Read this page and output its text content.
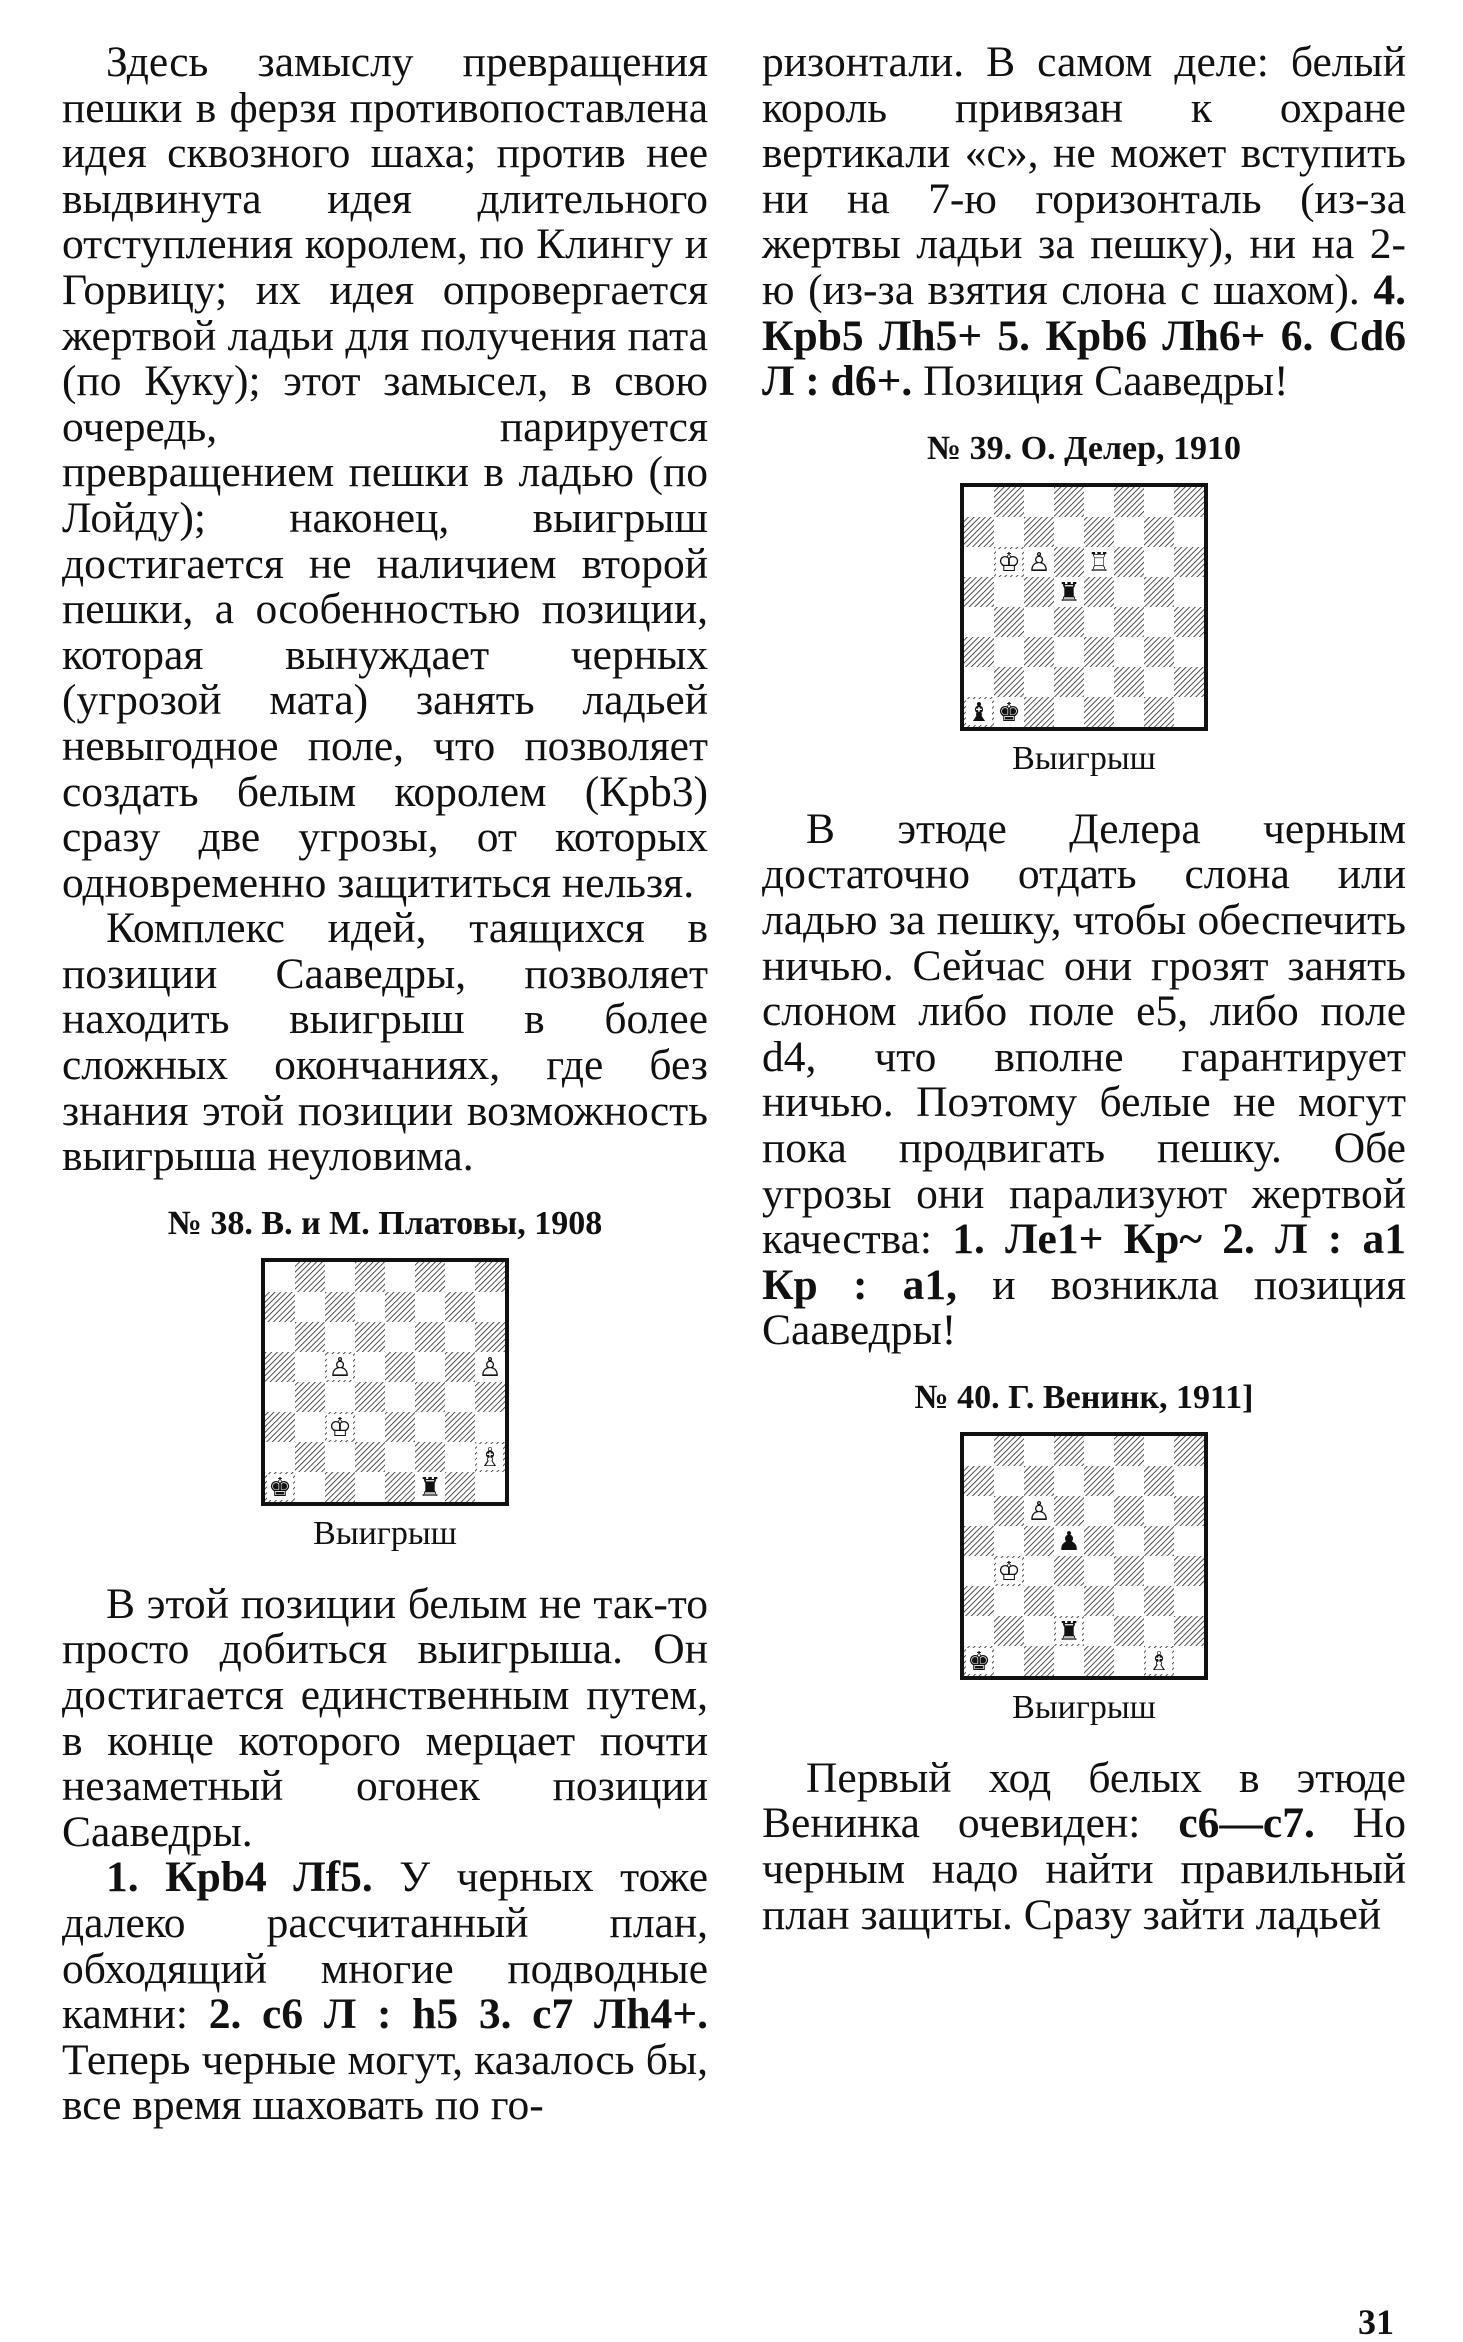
Здесь замыслу превращения пешки в ферзя противопоставлена идея сквозного шаха; против нее выдвинута идея длительного отступления королем, по Клингу и Горвицу; их идея опровергается жертвой ладьи для получения пата (по Куку); этот замысел, в свою очередь, парируется превращением пешки в ладью (по Лойду); наконец, выигрыш достигается не наличием второй пешки, а особенностью позиции, которая вынуждает черных (угрозой мата) занять ладьей невыгодное поле, что позволяет создать белым королем (Крb3) сразу две угрозы, от которых одновременно защититься нельзя.

Комплекс идей, таящихся в позиции Сааведры, позволяет находить выигрыш в более сложных окончаниях, где без знания этой позиции возможность выигрыша неуловима.

№ 38. В. и М. Платовы, 1908
♙	♙
♔
♗
♚	♜
Выигрыш

В этой позиции белым не так-то просто добиться выигрыша. Он достигается единственным путем, в конце которого мерцает почти незаметный огонек позиции Сааведры.

1. Крb4 Лf5. У черных тоже далеко рассчитанный план, обходящий многие подводные камни: 2. с6 Л : h5 3. с7 Лh4+. Теперь черные могут, казалось бы, все время шаховать по го-

ризонтали. В самом деле: белый король привязан к охране вертикали «с», не может вступить ни на 7-ю горизонталь (из-за жертвы ладьи за пешку), ни на 2-ю (из-за взятия слона с шахом). 4. Крb5 Лh5+ 5. Крb6 Лh6+ 6. Сd6 Л : d6+. Позиция Сааведры!

№ 39. О. Делер, 1910
♔ ♙ ♖
♜
♝ ♚
Выигрыш

В этюде Делера черным достаточно отдать слона или ладью за пешку, чтобы обеспечить ничью. Сейчас они грозят занять слоном либо поле е5, либо поле d4, что вполне гарантирует ничью. Поэтому белые не могут пока продвигать пешку. Обе угрозы они парализуют жертвой качества: 1. Лe1+ Кр~ 2. Л : a1 Кр : a1, и возникла позиция Сааведры!

№ 40. Г. Венинк, 1911]
♙
♟
♔
♜
♚	♗
Выигрыш

Первый ход белых в этюде Венинка очевиден: с6—с7. Но черным надо найти правильный план защиты. Сразу зайти ладьей

31
